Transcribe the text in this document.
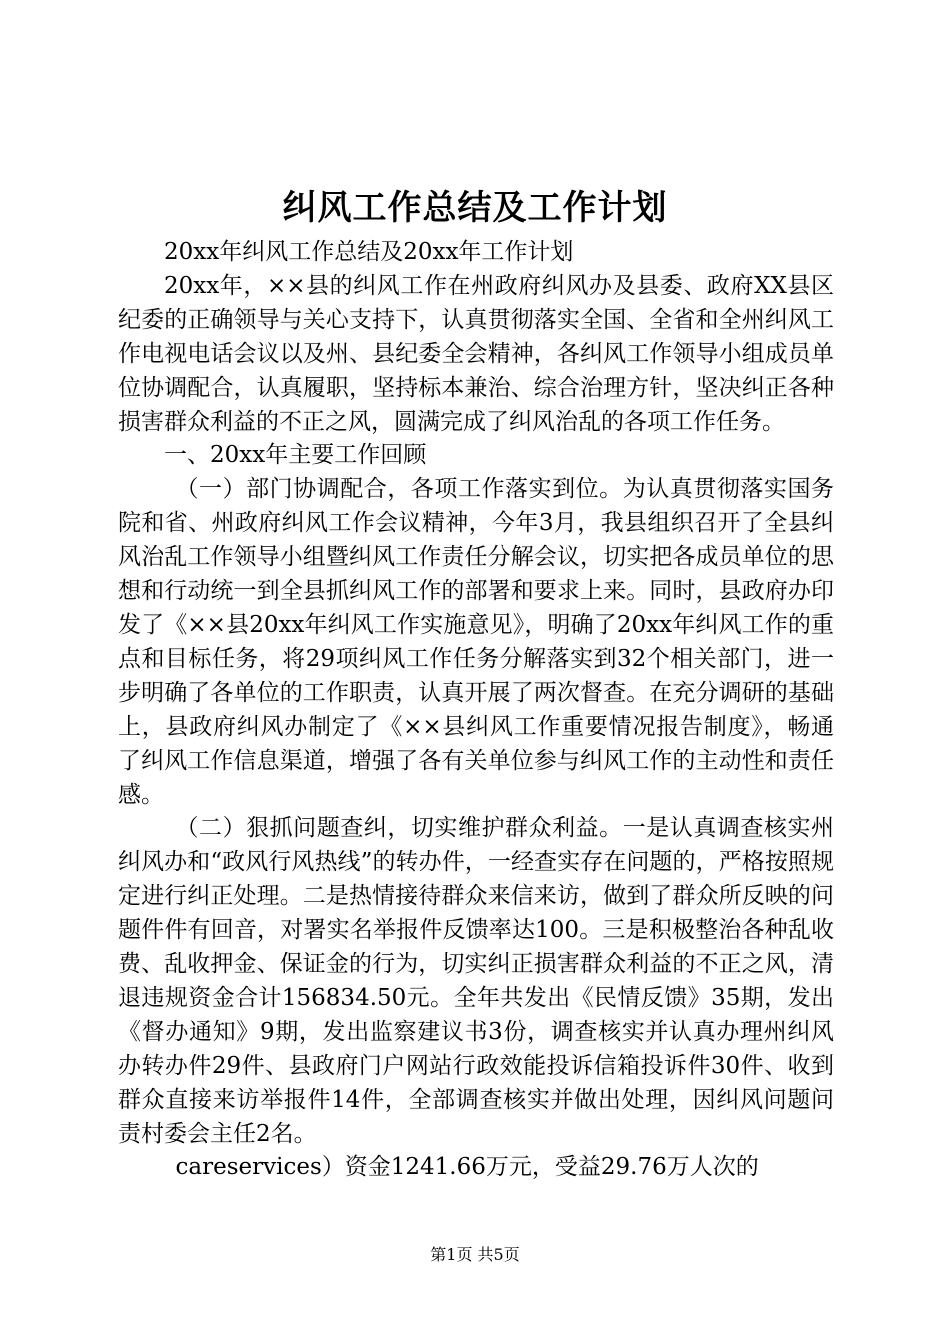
纠风工作总结及工作计划

20xx年纠风工作总结及20xx年工作计划

20xx年，××县的纠风工作在州政府纠风办及县委、政府XX县区纪委的正确领导与关心支持下，认真贯彻落实全国、全省和全州纠风工作电视电话会议以及州、县纪委全会精神，各纠风工作领导小组成员单位协调配合，认真履职，坚持标本兼治、综合治理方针，坚决纠正各种损害群众利益的不正之风，圆满完成了纠风治乱的各项工作任务。

一、20xx年主要工作回顾

（一）部门协调配合，各项工作落实到位。为认真贯彻落实国务院和省、州政府纠风工作会议精神，今年3月，我县组织召开了全县纠风治乱工作领导小组暨纠风工作责任分解会议，切实把各成员单位的思想和行动统一到全县抓纠风工作的部署和要求上来。同时，县政府办印发了《××县20xx年纠风工作实施意见》，明确了20xx年纠风工作的重点和目标任务，将29项纠风工作任务分解落实到32个相关部门，进一步明确了各单位的工作职责，认真开展了两次督查。在充分调研的基础上，县政府纠风办制定了《××县纠风工作重要情况报告制度》，畅通了纠风工作信息渠道，增强了各有关单位参与纠风工作的主动性和责任感。

（二）狠抓问题查纠，切实维护群众利益。一是认真调查核实州纠风办和“政风行风热线”的转办件，一经查实存在问题的，严格按照规定进行纠正处理。二是热情接待群众来信来访，做到了群众所反映的问题件件有回音，对署实名举报件反馈率达100。三是积极整治各种乱收费、乱收押金、保证金的行为，切实纠正损害群众利益的不正之风，清退违规资金合计156834.50元。全年共发出《民情反馈》35期，发出《督办通知》9期，发出监察建议书3份，调查核实并认真办理州纠风办转办件29件、县政府门户网站行政效能投诉信箱投诉件30件、收到群众直接来访举报件14件，全部调查核实并做出处理，因纠风问题问责村委会主任2名。

careservices）资金1241.66万元，受益29.76万人次的

第1页 共5页
